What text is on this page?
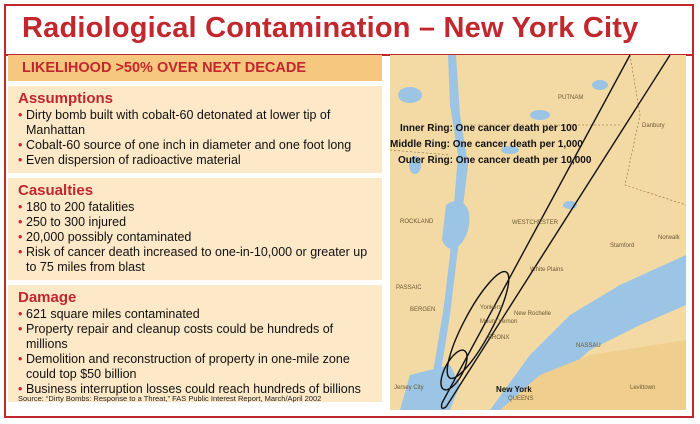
Radiological Contamination – New York City
LIKELIHOOD >50% OVER NEXT DECADE
Assumptions
• Dirty bomb built with cobalt-60 detonated at lower tip of Manhattan
• Cobalt-60 source of one inch in diameter and one foot long
• Even dispersion of radioactive material
Casualties
• 180 to 200 fatalities
• 250 to 300 injured
• 20,000 possibly contaminated
• Risk of cancer death increased to one-in-10,000 or greater up to 75 miles from blast
Damage
• 621 square miles contaminated
• Property repair and cleanup costs could be hundreds of millions
• Demolition and reconstruction of property in one-mile zone could top $50 billion
• Business interruption losses could reach hundreds of billions
Source: “Dirty Bombs: Response to a Threat,” FAS Public Interest Report, March/April 2002
PUTNAM
Danbury
ROCKLAND	WESTCHESTER
Stamford
Norwalk
White Plains
PASSAIC
BERGEN	Yonkers
New Rochelle
Mount Vernon
BRONX
NASSAU
New York
QUEENS
Jersey City	Levittown
Inner Ring: One cancer death per 100
Middle Ring: One cancer death per 1,000
Outer Ring: One cancer death per 10,000
